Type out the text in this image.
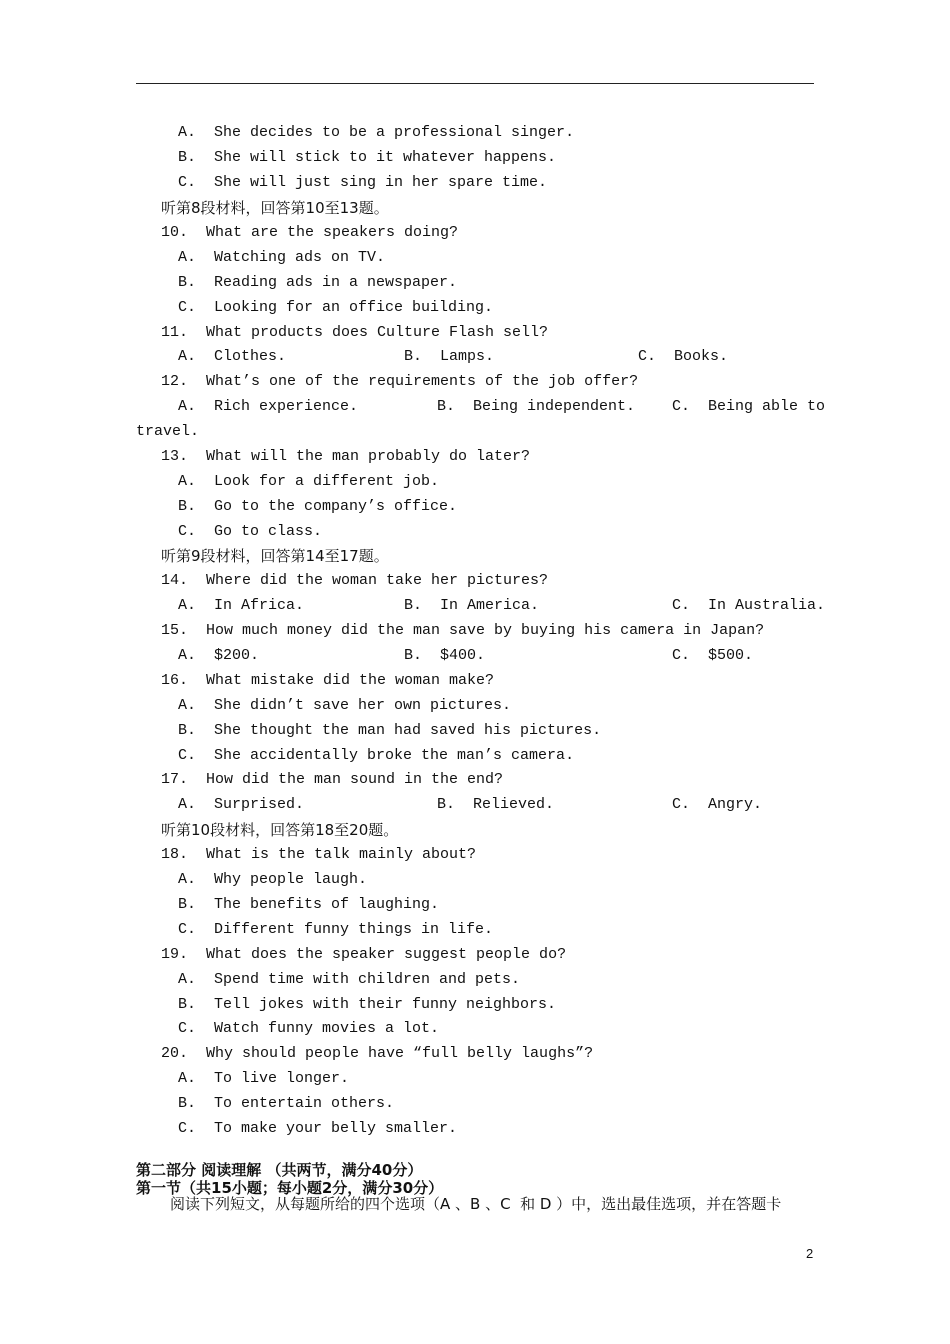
A.  She decides to be a professional singer.
B.  She will stick to it whatever happens.
C.  She will just sing in her spare time.
听第8段材料，回答第10至13题。
10.  What are the speakers doing?
A.  Watching ads on TV.
B.  Reading ads in a newspaper.
C.  Looking for an office building.
11.  What products does Culture Flash sell?
A.  Clothes.	B.  Lamps.	C.  Books.
12.  What’s one of the requirements of the job offer?
A.  Rich experience.	B.  Being independent. C.  Being able to
travel.
13.  What will the man probably do later?
A.  Look for a different job.
B.  Go to the company’s office.
C.  Go to class.
听第9段材料，回答第14至17题。
14.  Where did the woman take her pictures?
A.  In Africa.	B.  In America.	C.  In Australia.
15.  How much money did the man save by buying his camera in Japan?
A.  $200.	B.  $400.	C.  $500.
16.  What mistake did the woman make?
A.  She didn’t save her own pictures.
B.  She thought the man had saved his pictures.
C.  She accidentally broke the man’s camera.
17.  How did the man sound in the end?
A.  Surprised.	B.  Relieved.	C.  Angry.
听第10段材料，回答第18至20题。
18.  What is the talk mainly about?
A.  Why people laugh.
B.  The benefits of laughing.
C.  Different funny things in life.
19.  What does the speaker suggest people do?
A.  Spend time with children and pets.
B.  Tell jokes with their funny neighbors.
C.  Watch funny movies a lot.
20.  Why should people have “full belly laughs”?
A.  To live longer.
B.  To entertain others.
C.  To make your belly smaller.
第二部分 阅读理解 （共两节，满分40分）
第一节（共15小题；每小题2分，满分30分）
阅读下列短文，从每题所给的四个选项（A 、B 、C  和 D ）中，选出最佳选项，并在答题卡
2
